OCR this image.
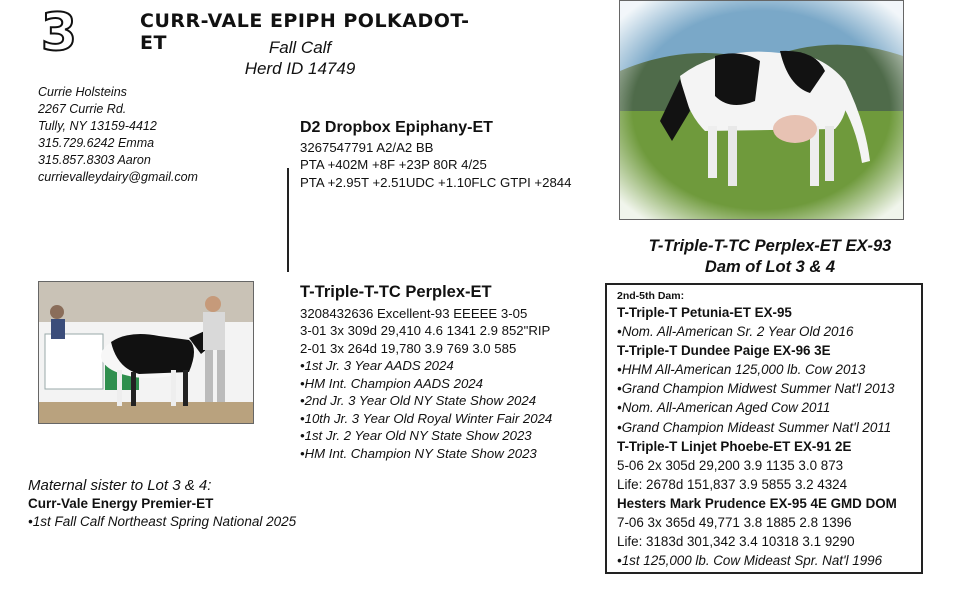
3	CURR-VALE EPIPH POLKADOT-ET	Fall Calf
Herd ID 14749
Currie Holsteins
2267 Currie Rd.
Tully, NY 13159-4412
315.729.6242 Emma
315.857.8303 Aaron
currievalleydairy@gmail.com
D2 Dropbox Epiphany-ET
3267547791 A2/A2 BB
PTA +402M +8F +23P 80R 4/25
PTA +2.95T +2.51UDC +1.10FLC GTPI +2844
T-Triple-T-TC Perplex-ET
3208432636 Excellent-93 EEEEE 3-05
3-01 3x 309d 29,410 4.6 1341 2.9 852"RIP
2-01 3x 264d 19,780 3.9 769 3.0 585
•1st Jr. 3 Year AADS 2024
•HM Int. Champion AADS 2024
•2nd Jr. 3 Year Old NY State Show 2024
•10th Jr. 3 Year Old Royal Winter Fair 2024
•1st Jr. 2 Year Old NY State Show 2023
•HM Int. Champion NY State Show 2023
Maternal sister to Lot 3 & 4:
Curr-Vale Energy Premier-ET
•1st Fall Calf Northeast Spring National 2025
T-Triple-T-TC Perplex-ET EX-93
Dam of Lot 3 & 4
2nd-5th Dam:
T-Triple-T Petunia-ET EX-95
•Nom. All-American Sr. 2 Year Old 2016
T-Triple-T Dundee Paige EX-96 3E
•HHM All-American 125,000 lb. Cow 2013
•Grand Champion Midwest Summer Nat'l 2013
•Nom. All-American Aged Cow 2011
•Grand Champion Mideast Summer Nat'l 2011
T-Triple-T Linjet Phoebe-ET EX-91 2E
5-06 2x 305d 29,200 3.9 1135 3.0 873
Life: 2678d 151,837 3.9 5855 3.2 4324
Hesters Mark Prudence EX-95 4E GMD DOM
7-06 3x 365d 49,771 3.8 1885 2.8 1396
Life: 3183d 301,342 3.4 10318 3.1 9290
•1st 125,000 lb. Cow Mideast Spr. Nat'l 1996
